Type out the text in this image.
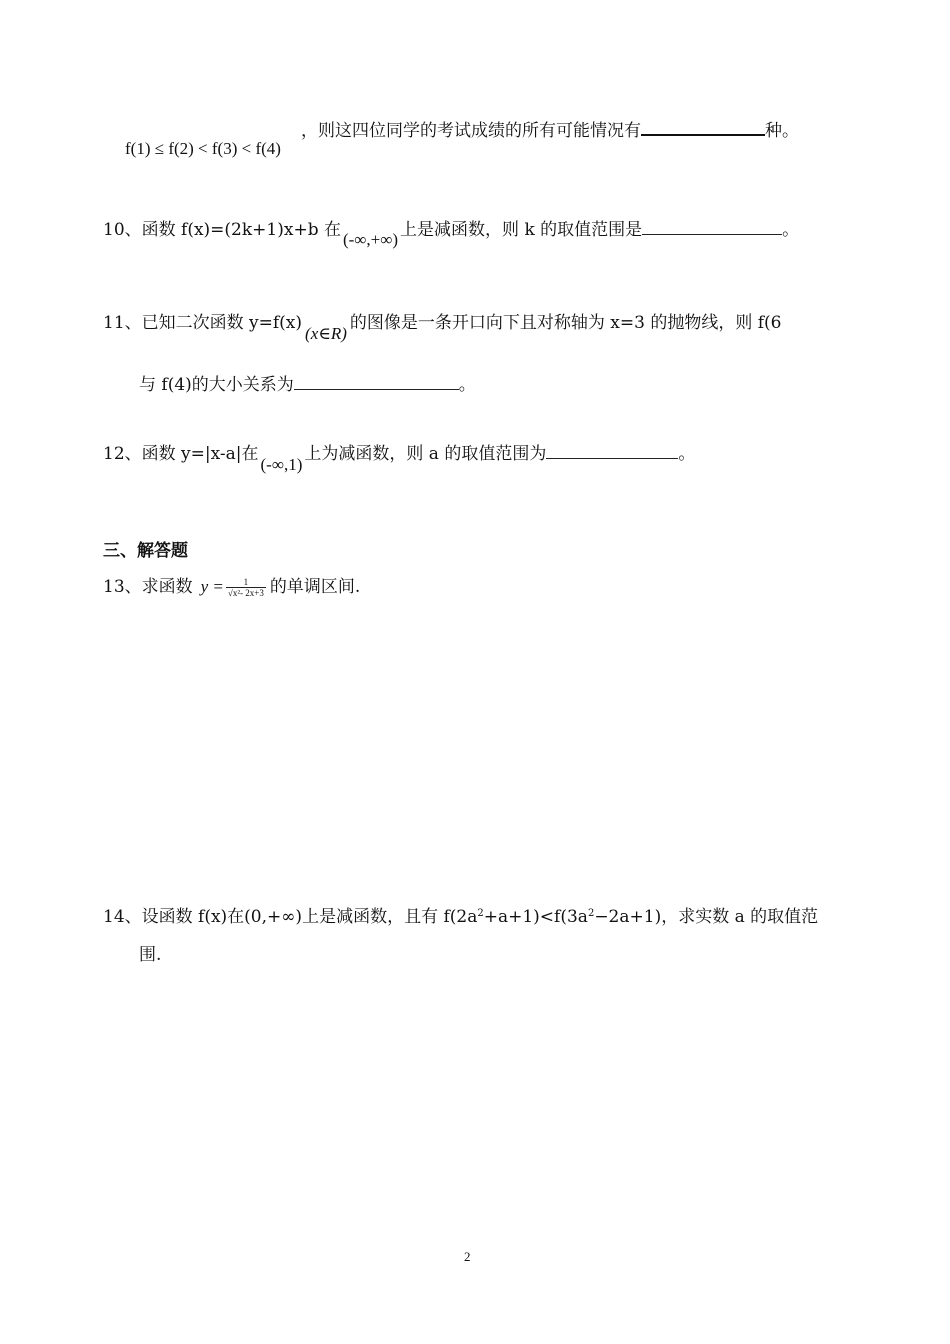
f(1) ≤ f(2) < f(3) < f(4)
，则这四位同学的考试成绩的所有可能情况有	种。
10、函数 f(x)=(2k+1)x+b 在 (-∞,+∞) 上是减函数，则 k 的取值范围是	。
11、已知二次函数 y=f(x)(x∈R)的图像是一条开口向下且对称轴为 x=3 的抛物线，则 f(6
与 f(4)的大小关系为	。
12、函数 y=|x-a|在(-∞,1)上为减函数，则 a 的取值范围为	。
三、解答题
13、求函数 $y = \frac{1}{\text{√x²- 2x+3}}$ 的单调区间.
14、设函数 f(x)在(0,+∞)上是减函数，且有 $f(2a^2+a+1)<f(3a^2-2a+1)$，求实数 a 的取值范
围.
2
